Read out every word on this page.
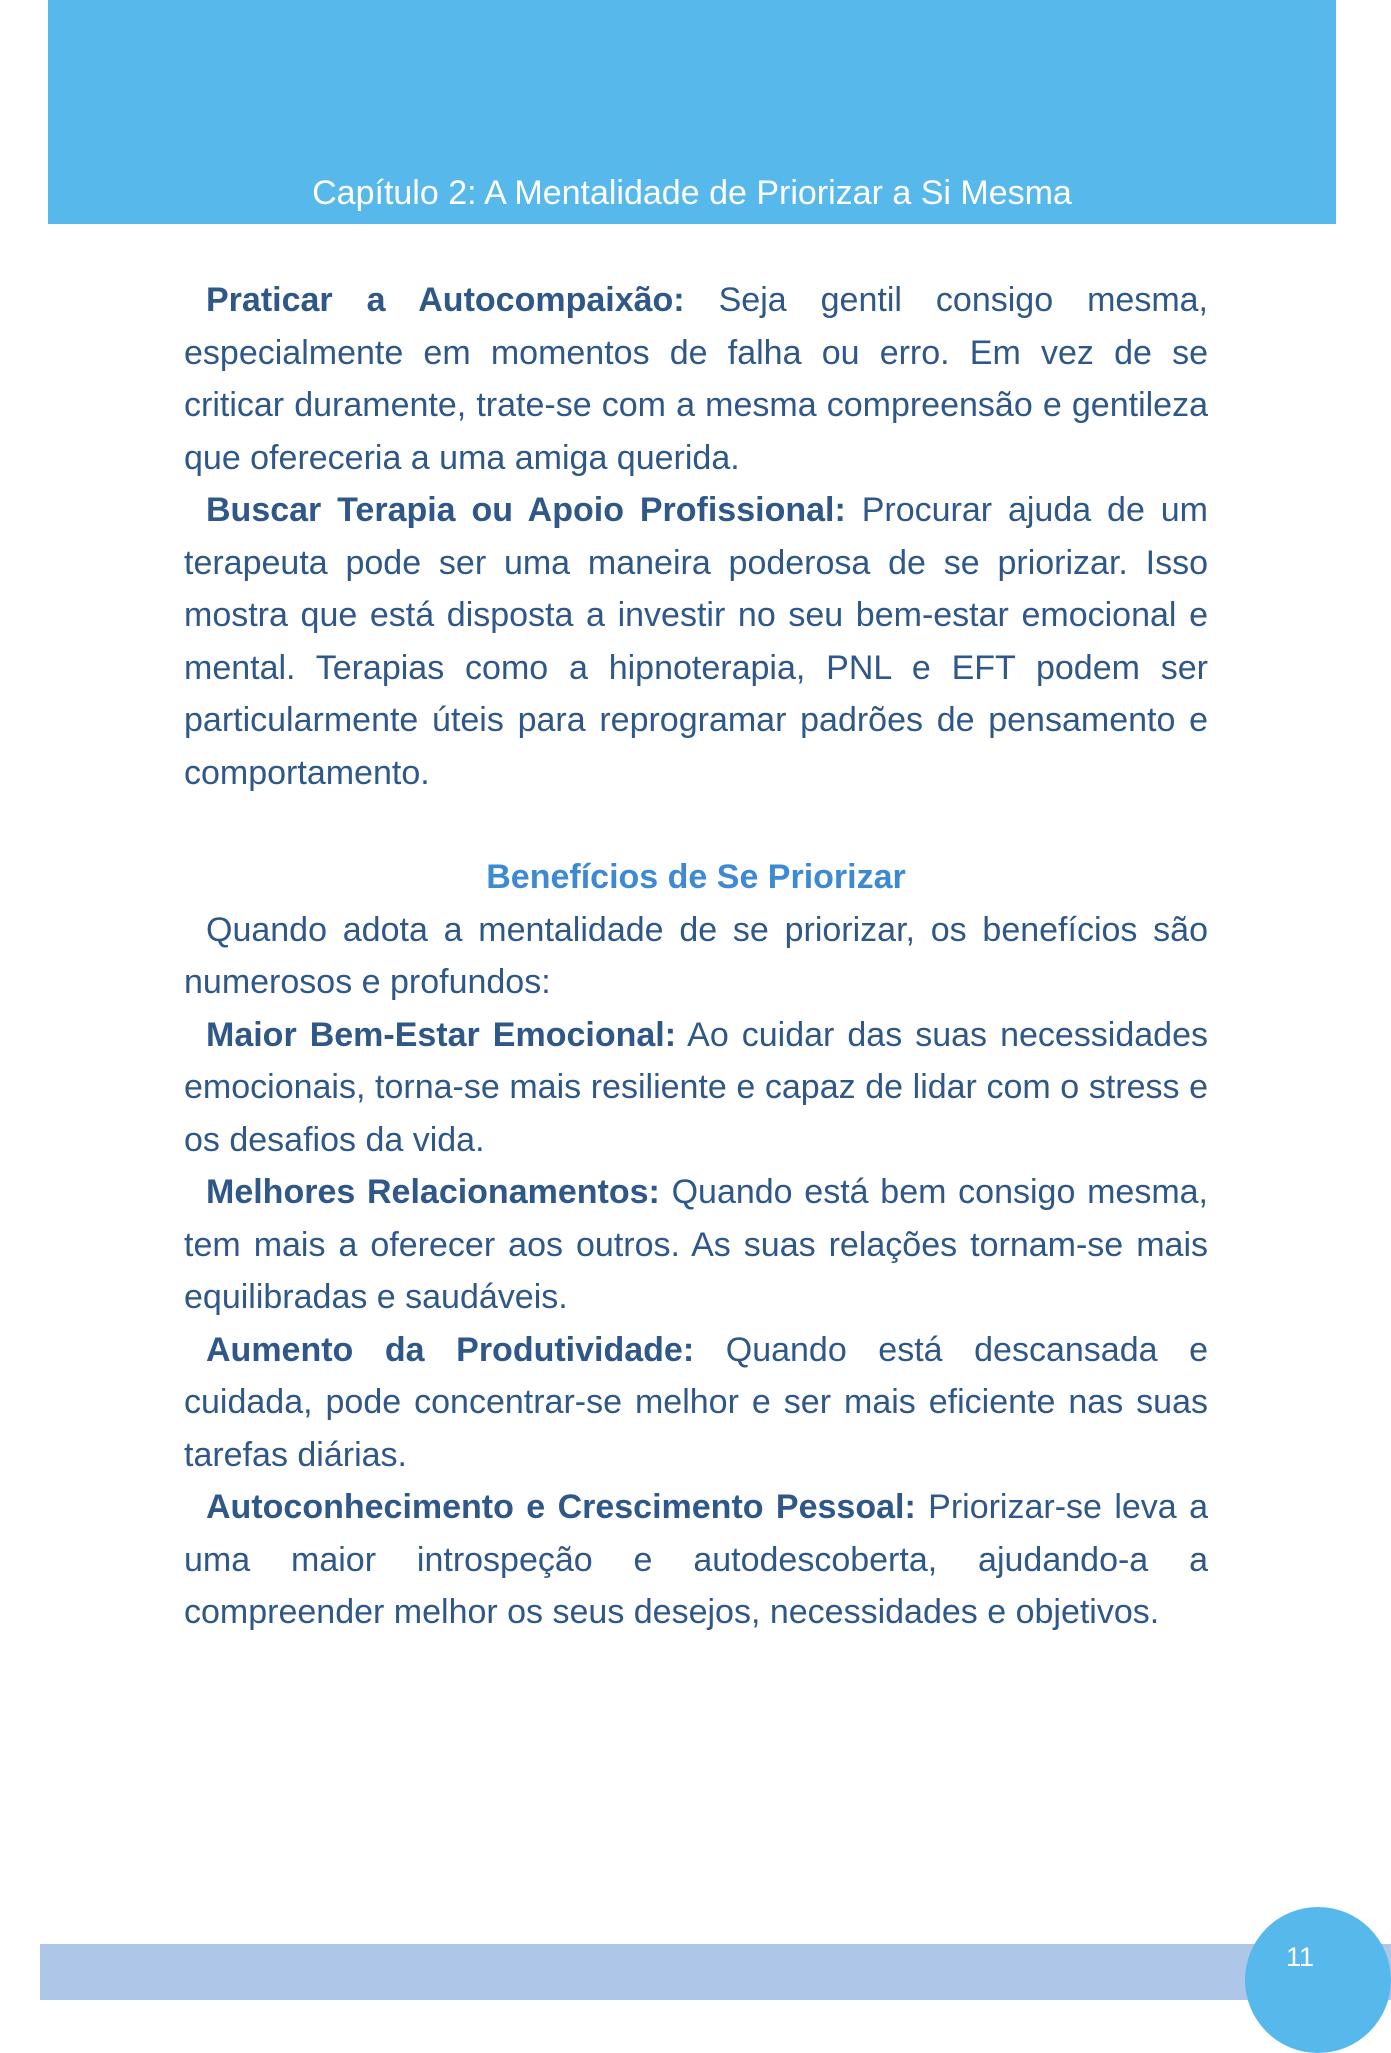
Capítulo 2: A Mentalidade de Priorizar a Si Mesma

Praticar a Autocompaixão: Seja gentil consigo mesma, especialmente em momentos de falha ou erro. Em vez de se criticar duramente, trate-se com a mesma compreensão e gentileza que ofereceria a uma amiga querida.

Buscar Terapia ou Apoio Profissional: Procurar ajuda de um terapeuta pode ser uma maneira poderosa de se priorizar. Isso mostra que está disposta a investir no seu bem-estar emocional e mental. Terapias como a hipnoterapia, PNL e EFT podem ser particularmente úteis para reprogramar padrões de pensamento e comportamento.

Benefícios de Se Priorizar

Quando adota a mentalidade de se priorizar, os benefícios são numerosos e profundos:

Maior Bem-Estar Emocional: Ao cuidar das suas necessidades emocionais, torna-se mais resiliente e capaz de lidar com o stress e os desafios da vida.

Melhores Relacionamentos: Quando está bem consigo mesma, tem mais a oferecer aos outros. As suas relações tornam-se mais equilibradas e saudáveis.

Aumento da Produtividade: Quando está descansada e cuidada, pode concentrar-se melhor e ser mais eficiente nas suas tarefas diárias.

Autoconhecimento e Crescimento Pessoal: Priorizar-se leva a uma maior introspeção e autodescoberta, ajudando-a a compreender melhor os seus desejos, necessidades e objetivos.

11
